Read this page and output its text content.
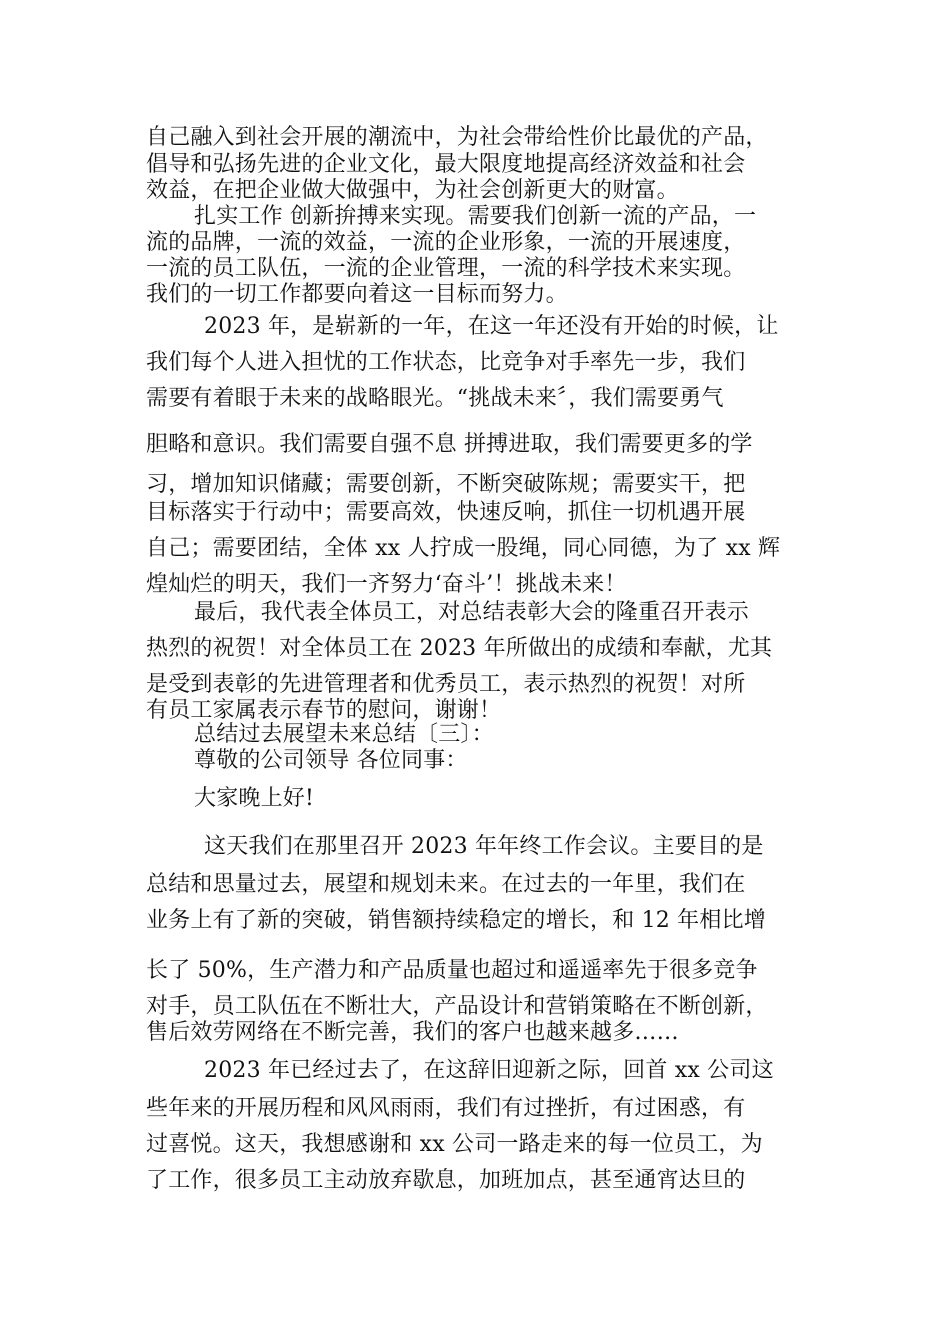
自己融入到社会开展的潮流中，为社会带给性价比最优的产品，
倡导和弘扬先进的企业文化，最大限度地提高经济效益和社会
效益，在把企业做大做强中，为社会创新更大的财富。
扎实工作 创新拚搏来实现。需要我们创新一流的产品，一
流的品牌，一流的效益，一流的企业形象，一流的开展速度，
一流的员工队伍，一流的企业管理，一流的科学技术来实现。
我们的一切工作都要向着这一目标而努力。
2023 年，是崭新的一年，在这一年还没有开始的时候，让
我们每个人进入担忧的工作状态，比竞争对手率先一步，我们
需要有着眼于未来的战略眼光。“挑战未来〞，我们需要勇气
胆略和意识。我们需要自强不息 拼搏进取，我们需要更多的学
习，增加知识储藏；需要创新，不断突破陈规；需要实干，把
目标落实于行动中；需要高效，快速反响，抓住一切机遇开展
自己；需要团结，全体 xx 人拧成一股绳，同心同德，为了 xx 辉
煌灿烂的明天，我们一齐努力‘奋斗’！挑战未来！
最后，我代表全体员工，对总结表彰大会的隆重召开表示
热烈的祝贺！对全体员工在 2023 年所做出的成绩和奉献，尤其
是受到表彰的先进管理者和优秀员工，表示热烈的祝贺！对所
有员工家属表示春节的慰问，谢谢！
总结过去展望未来总结〔三〕：
尊敬的公司领导 各位同事：
大家晚上好!
这天我们在那里召开 2023 年年终工作会议。主要目的是
总结和思量过去，展望和规划未来。在过去的一年里，我们在
业务上有了新的突破，销售额持续稳定的增长，和 12 年相比增
长了 50%，生产潜力和产品质量也超过和遥遥率先于很多竞争
对手，员工队伍在不断壮大，产品设计和营销策略在不断创新，
售后效劳网络在不断完善，我们的客户也越来越多……
2023 年已经过去了，在这辞旧迎新之际，回首 xx 公司这
些年来的开展历程和风风雨雨，我们有过挫折，有过困惑，有
过喜悦。这天，我想感谢和 xx 公司一路走来的每一位员工，为
了工作，很多员工主动放弃歇息，加班加点，甚至通宵达旦的
